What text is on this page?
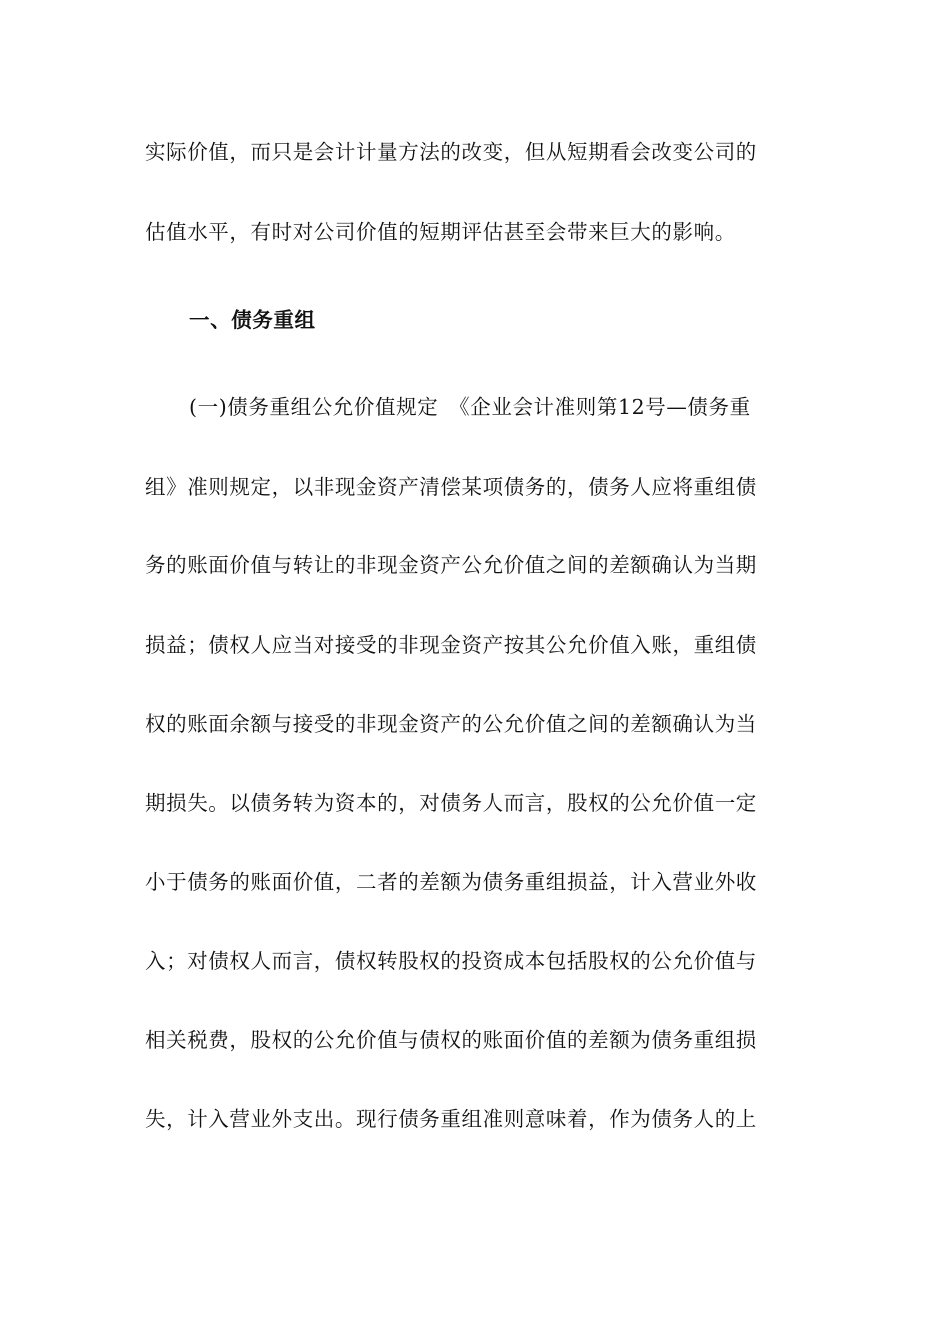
实际价值，而只是会计计量方法的改变，但从短期看会改变公司的
估值水平，有时对公司价值的短期评估甚至会带来巨大的影响。
一、债务重组
(一)债务重组公允价值规定　《企业会计准则第12号—债务重
组》准则规定，以非现金资产清偿某项债务的，债务人应将重组债
务的账面价值与转让的非现金资产公允价值之间的差额确认为当期
损益；债权人应当对接受的非现金资产按其公允价值入账，重组债
权的账面余额与接受的非现金资产的公允价值之间的差额确认为当
期损失。以债务转为资本的，对债务人而言，股权的公允价值一定
小于债务的账面价值，二者的差额为债务重组损益，计入营业外收
入；对债权人而言，债权转股权的投资成本包括股权的公允价值与
相关税费，股权的公允价值与债权的账面价值的差额为债务重组损
失，计入营业外支出。现行债务重组准则意味着，作为债务人的上
